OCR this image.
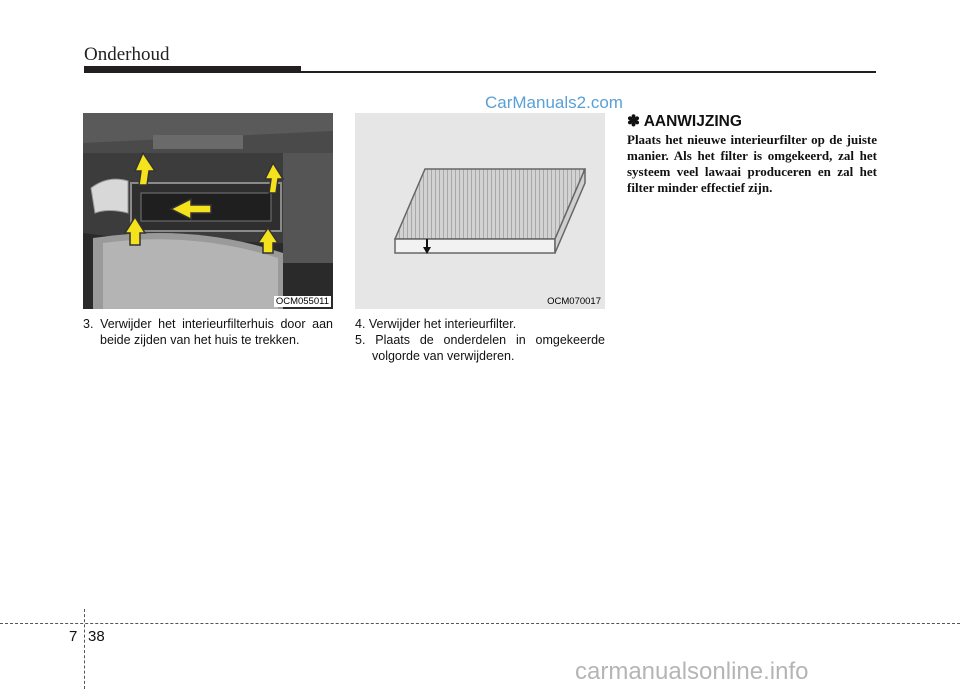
Onderhoud
CarManuals2.com
OCM055011	OCM070017
3. Verwijder het interieurfilterhuis door aan beide zijden van het huis te trekken.
4. Verwijder het interieurfilter.
5. Plaats de onderdelen in omgekeerde volgorde van verwijderen.
✽ AANWIJZING
Plaats het nieuwe interieurfilter op de juiste manier. Als het filter is omgekeerd, zal het systeem veel lawaai produceren en zal het filter minder effectief zijn.
7 38
carmanualsonline.info
